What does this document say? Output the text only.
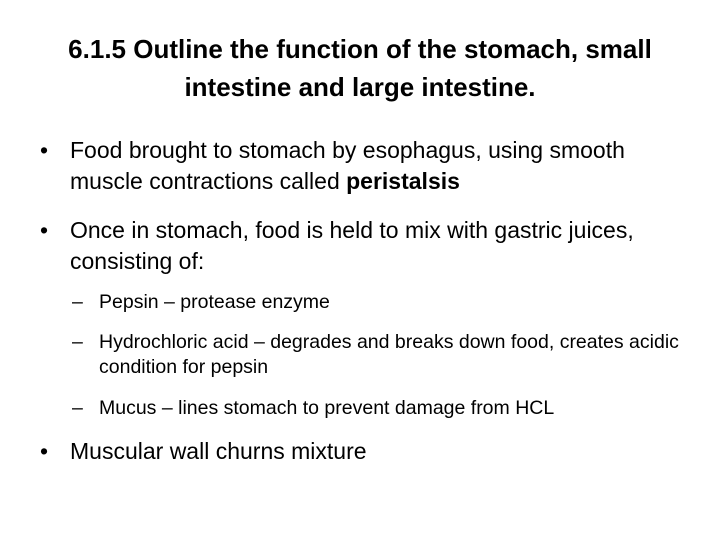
6.1.5 Outline the function of the stomach, small intestine and large intestine.
• Food brought to stomach by esophagus, using smooth muscle contractions called peristalsis
• Once in stomach, food is held to mix with gastric juices, consisting of:
– Pepsin – protease enzyme
– Hydrochloric acid – degrades and breaks down food, creates acidic condition for pepsin
– Mucus – lines stomach to prevent damage from HCL
• Muscular wall churns mixture
